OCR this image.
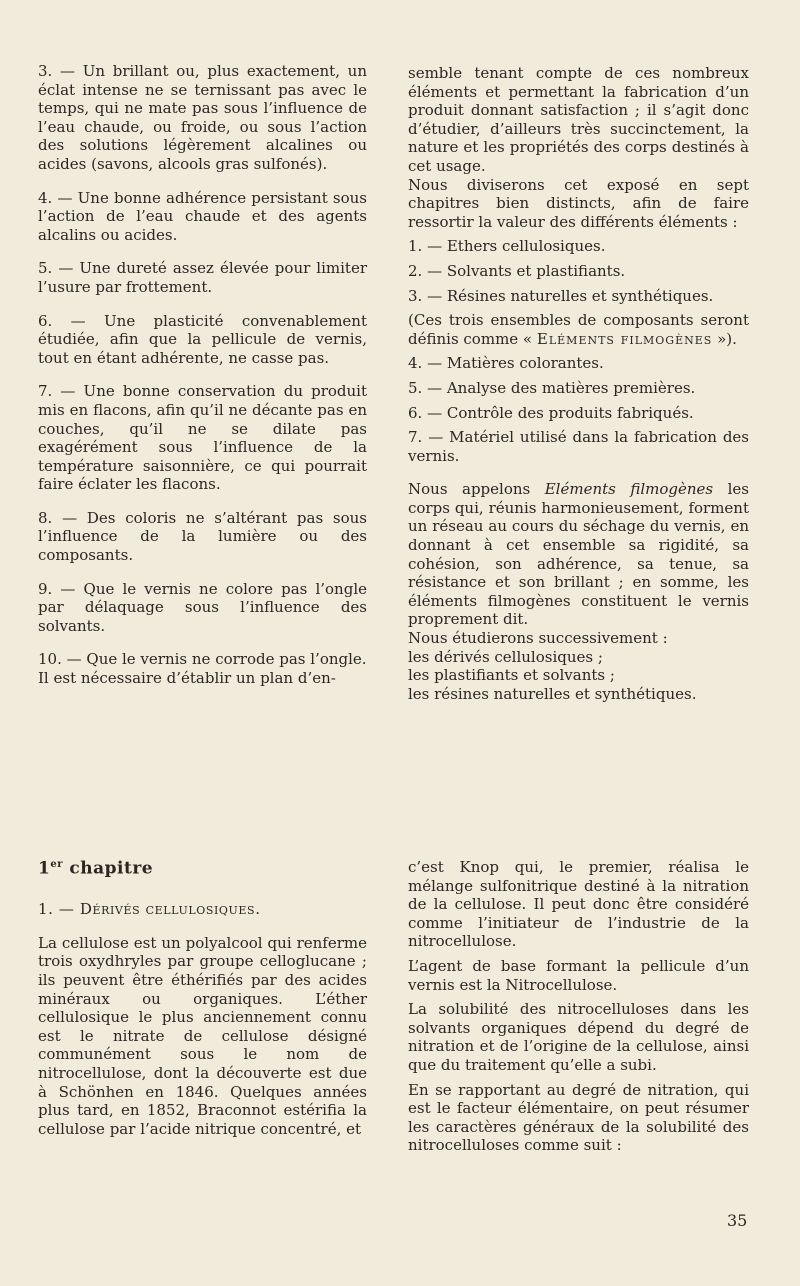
3. — Un brillant ou, plus exactement, un éclat intense ne se ternissant pas avec le temps, qui ne mate pas sous l’influence de l’eau chaude, ou froide, ou sous l’action des solutions légèrement alcalines ou acides (savons, alcools gras sulfonés).

4. — Une bonne adhérence persistant sous l’action de l’eau chaude et des agents alcalins ou acides.

5. — Une dureté assez élevée pour limiter l’usure par frottement.

6. — Une plasticité convenablement étudiée, afin que la pellicule de vernis, tout en étant adhérente, ne casse pas.

7. — Une bonne conservation du produit mis en flacons, afin qu’il ne décante pas en couches, qu’il ne se dilate pas exagérément sous l’influence de la température saisonnière, ce qui pourrait faire éclater les flacons.

8. — Des coloris ne s’altérant pas sous l’influence de la lumière ou des composants.

9. — Que le vernis ne colore pas l’ongle par délaquage sous l’influence des solvants.

10. — Que le vernis ne corrode pas l’ongle.

Il est nécessaire d’établir un plan d’en-

semble tenant compte de ces nombreux éléments et permettant la fabrication d’un produit donnant satisfaction ; il s’agit donc d’étudier, d’ailleurs très succinctement, la nature et les propriétés des corps destinés à cet usage.

Nous diviserons cet exposé en sept chapitres bien distincts, afin de faire ressortir la valeur des différents éléments :

1. — Ethers cellulosiques.

2. — Solvants et plastifiants.

3. — Résines naturelles et synthétiques.

(Ces trois ensembles de composants seront définis comme « Eléments filmogènes »).

4. — Matières colorantes.

5. — Analyse des matières premières.

6. — Contrôle des produits fabriqués.

7. — Matériel utilisé dans la fabrication des vernis.

Nous appelons Eléments filmogènes les corps qui, réunis harmonieusement, forment un réseau au cours du séchage du vernis, en donnant à cet ensemble sa rigidité, sa cohésion, son adhérence, sa tenue, sa résistance et son brillant ; en somme, les éléments filmogènes constituent le vernis proprement dit.

Nous étudierons successivement :

les dérivés cellulosiques ;

les plastifiants et solvants ;

les résines naturelles et synthétiques.

1er chapitre

1. — Dérivés cellulosiques.

La cellulose est un polyalcool qui renferme trois oxydhryles par groupe cellogluсane ; ils peuvent être éthérifiés par des acides minéraux ou organiques. L’éther cellulosique le plus anciennement connu est le nitrate de cellulose désigné communément sous le nom de nitrocellulose, dont la découverte est due à Schönhen en 1846. Quelques années plus tard, en 1852, Braconnot estérifia la cellulose par l’acide nitrique concentré, et

c’est Knop qui, le premier, réalisa le mélange sulfonitrique destiné à la nitration de la cellulose. Il peut donc être considéré comme l’initiateur de l’industrie de la nitrocellulose.

L’agent de base formant la pellicule d’un vernis est la Nitrocellulose.

La solubilité des nitrocelluloses dans les solvants organiques dépend du degré de nitration et de l’origine de la cellulose, ainsi que du traitement qu’elle a subi.

En se rapportant au degré de nitration, qui est le facteur élémentaire, on peut résumer les caractères généraux de la solubilité des nitrocelluloses comme suit :

35
